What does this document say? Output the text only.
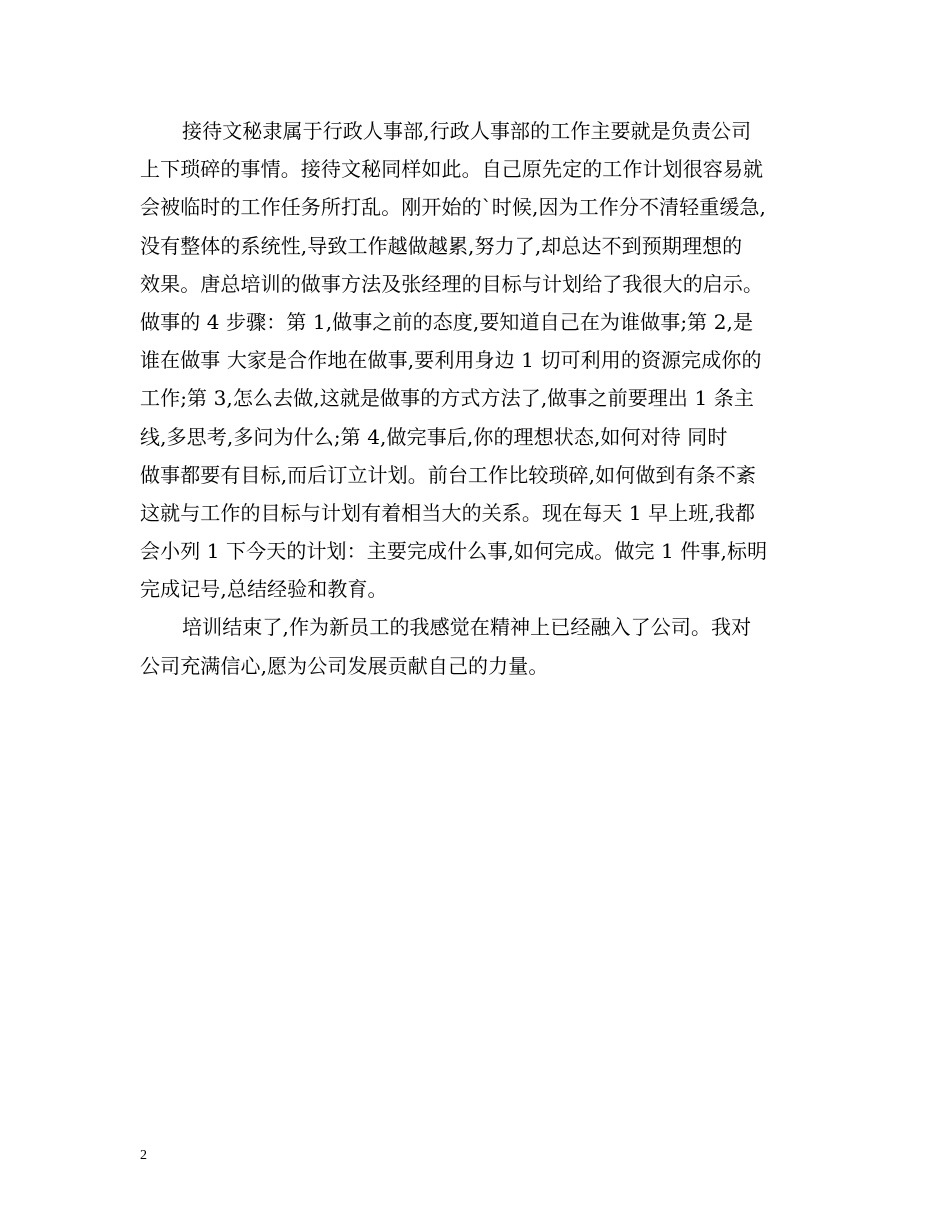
接待文秘隶属于行政人事部,行政人事部的工作主要就是负责公司
上下琐碎的事情。接待文秘同样如此。自己原先定的工作计划很容易就
会被临时的工作任务所打乱。刚开始的`时候,因为工作分不清轻重缓急,
没有整体的系统性,导致工作越做越累,努力了,却总达不到预期理想的
效果。唐总培训的做事方法及张经理的目标与计划给了我很大的启示。
做事的 4 步骤：第 1,做事之前的态度,要知道自己在为谁做事;第 2,是
谁在做事 大家是合作地在做事,要利用身边 1 切可利用的资源完成你的
工作;第 3,怎么去做,这就是做事的方式方法了,做事之前要理出 1 条主
线,多思考,多问为什么;第 4,做完事后,你的理想状态,如何对待 同时
做事都要有目标,而后订立计划。前台工作比较琐碎,如何做到有条不紊
这就与工作的目标与计划有着相当大的关系。现在每天 1 早上班,我都
会小列 1 下今天的计划：主要完成什么事,如何完成。做完 1 件事,标明
完成记号,总结经验和教育。
培训结束了,作为新员工的我感觉在精神上已经融入了公司。我对
公司充满信心,愿为公司发展贡献自己的力量。
2
